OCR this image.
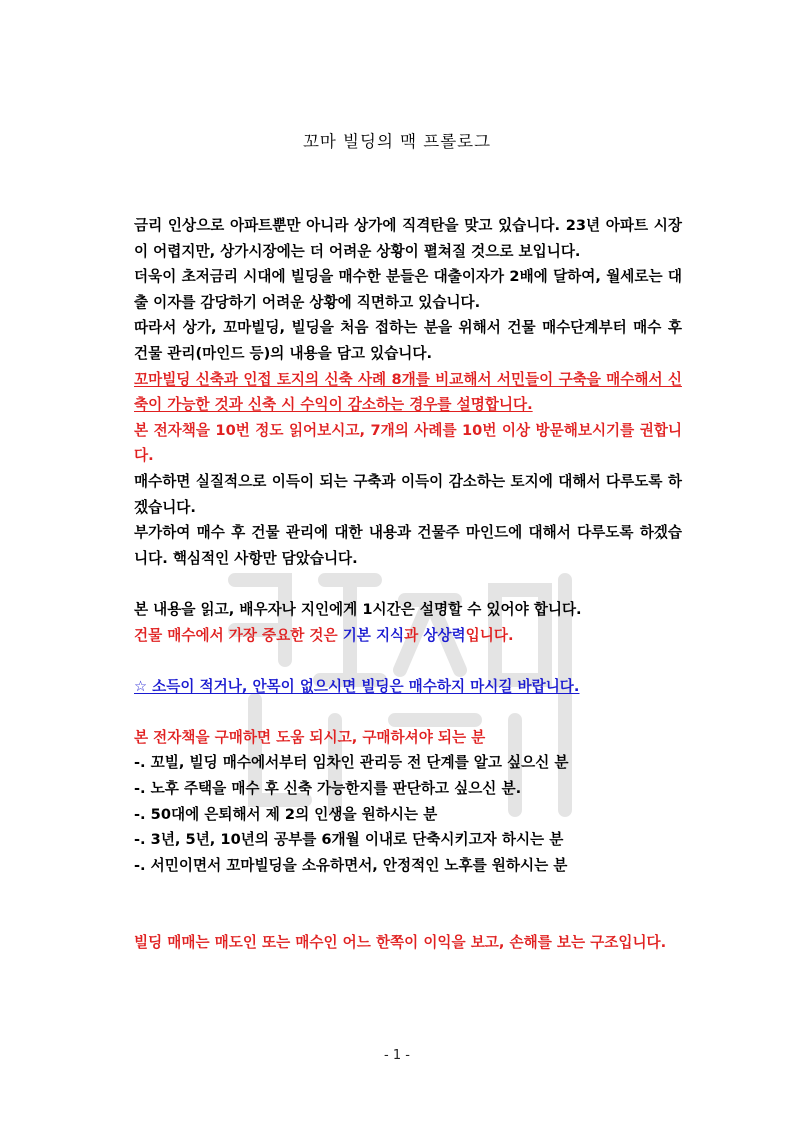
꼬마 빌딩의 맥 프롤로그

금리 인상으로 아파트뿐만 아니라 상가에 직격탄을 맞고 있습니다. 23년 아파트 시장이 어렵지만, 상가시장에는 더 어려운 상황이 펼쳐질 것으로 보입니다.

더욱이 초저금리 시대에 빌딩을 매수한 분들은 대출이자가 2배에 달하여, 월세로는 대출 이자를 감당하기 어려운 상황에 직면하고 있습니다.

따라서 상가, 꼬마빌딩, 빌딩을 처음 접하는 분을 위해서 건물 매수단계부터 매수 후 건물 관리(마인드 등)의 내용을 담고 있습니다.

꼬마빌딩 신축과 인접 토지의 신축 사례 8개를 비교해서 서민들이 구축을 매수해서 신축이 가능한 것과 신축 시 수익이 감소하는 경우를 설명합니다.

본 전자책을 10번 정도 읽어보시고, 7개의 사례를 10번 이상 방문해보시기를 권합니다.

매수하면 실질적으로 이득이 되는 구축과 이득이 감소하는 토지에 대해서 다루도록 하겠습니다.

부가하여 매수 후 건물 관리에 대한 내용과 건물주 마인드에 대해서 다루도록 하겠습니다. 핵심적인 사항만 담았습니다.

본 내용을 읽고, 배우자나 지인에게 1시간은 설명할 수 있어야 합니다.

건물 매수에서 가장 중요한 것은 기본 지식과 상상력입니다.

☆ 소득이 적거나, 안목이 없으시면 빌딩은 매수하지 마시길 바랍니다.

본 전자책을 구매하면 도움 되시고, 구매하셔야 되는 분

-. 꼬빌, 빌딩 매수에서부터 임차인 관리등 전 단계를 알고 싶으신 분

-. 노후 주택을 매수 후 신축 가능한지를 판단하고 싶으신 분.

-. 50대에 은퇴해서 제 2의 인생을 원하시는 분

-. 3년, 5년, 10년의 공부를 6개월 이내로 단축시키고자 하시는 분

-. 서민이면서 꼬마빌딩을 소유하면서, 안정적인 노후를 원하시는 분

빌딩 매매는 매도인 또는 매수인 어느 한쪽이 이익을 보고, 손해를 보는 구조입니다.

- 1 -
